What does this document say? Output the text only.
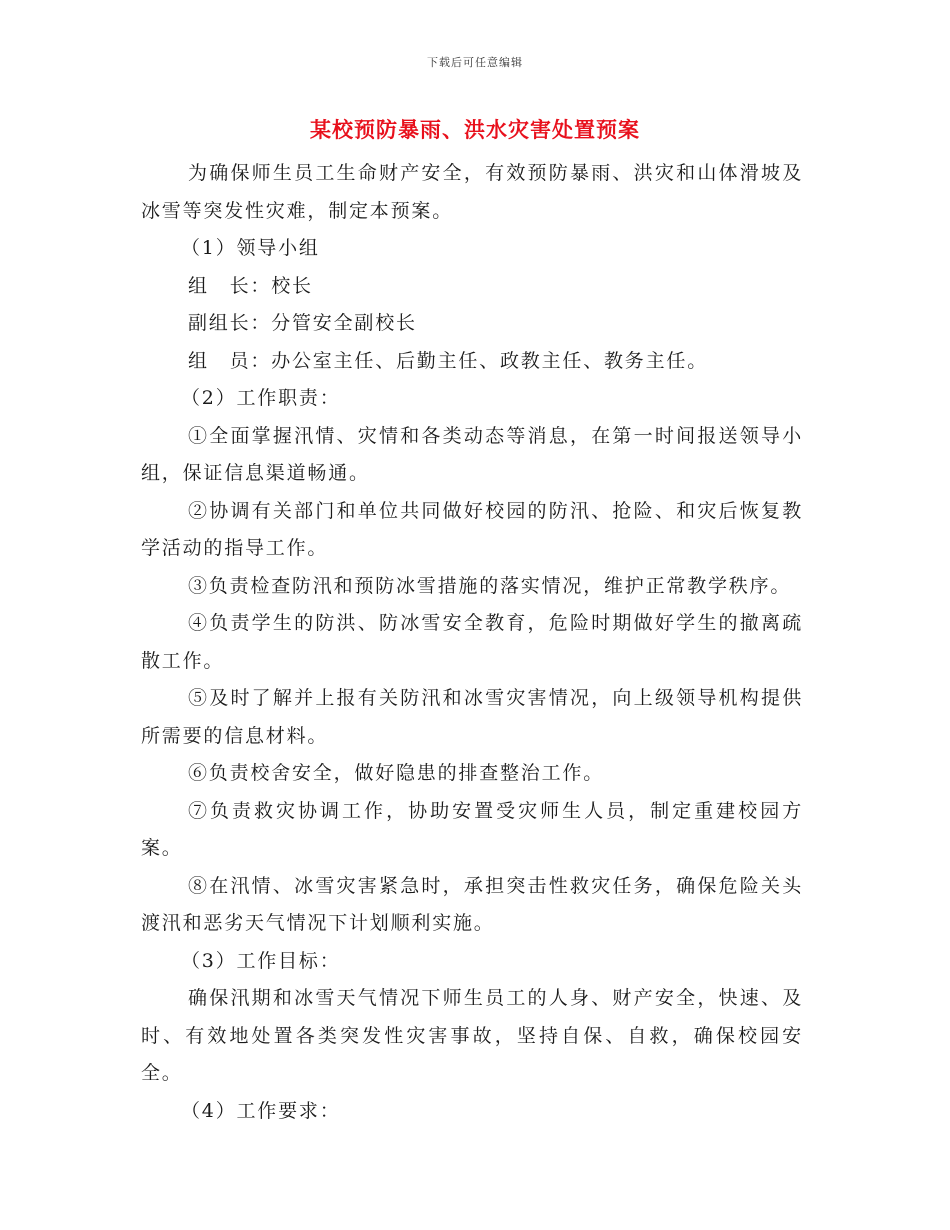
下载后可任意编辑
某校预防暴雨、洪水灾害处置预案

为确保师生员工生命财产安全，有效预防暴雨、洪灾和山体滑坡及冰雪等突发性灾难，制定本预案。

（1）领导小组

组　长：校长

副组长：分管安全副校长

组　员：办公室主任、后勤主任、政教主任、教务主任。

（2）工作职责：

①全面掌握汛情、灾情和各类动态等消息，在第一时间报送领导小组，保证信息渠道畅通。

②协调有关部门和单位共同做好校园的防汛、抢险、和灾后恢复教学活动的指导工作。

③负责检查防汛和预防冰雪措施的落实情况，维护正常教学秩序。

④负责学生的防洪、防冰雪安全教育，危险时期做好学生的撤离疏散工作。

⑤及时了解并上报有关防汛和冰雪灾害情况，向上级领导机构提供所需要的信息材料。

⑥负责校舍安全，做好隐患的排查整治工作。

⑦负责救灾协调工作，协助安置受灾师生人员，制定重建校园方案。

⑧在汛情、冰雪灾害紧急时，承担突击性救灾任务，确保危险关头渡汛和恶劣天气情况下计划顺利实施。

（3）工作目标：

确保汛期和冰雪天气情况下师生员工的人身、财产安全，快速、及时、有效地处置各类突发性灾害事故，坚持自保、自救，确保校园安全。

（4）工作要求：
